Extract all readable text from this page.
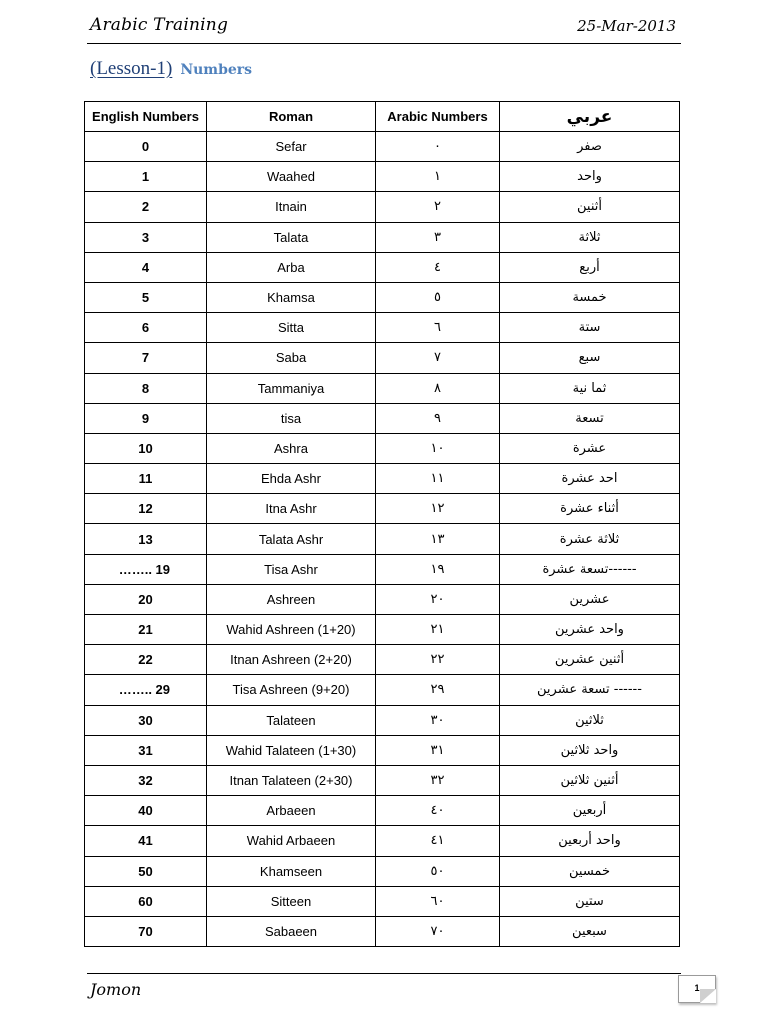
Arabic Training	25-Mar-2013
(Lesson-1) Numbers
English Numbers	Roman	Arabic Numbers	عربي
0	Sefar	٠	صفر
1	Waahed	١	واحد
2	Itnain	٢	أثنين
3	Talata	٣	ثلاثة
4	Arba	٤	أربع
5	Khamsa	٥	خمسة
6	Sitta	٦	ستة
7	Saba	٧	سبع
8	Tammaniya	٨	ثما نية
9	tisa	٩	تسعة
10	Ashra	١٠	عشرة
11	Ehda Ashr	١١	احد عشرة
12	Itna Ashr	١٢	أثناء عشرة
13	Talata Ashr	١٣	ثلاثة عشرة
…….. 19	Tisa Ashr	١٩	------تسعة عشرة
20	Ashreen	٢٠	عشرين
21	Wahid Ashreen (1+20)	٢١	واحد عشرين
22	Itnan Ashreen (2+20)	٢٢	أثنين عشرين
…….. 29	Tisa Ashreen (9+20)	٢٩	------ تسعة عشرين
30	Talateen	٣٠	ثلاثين
31	Wahid Talateen (1+30)	٣١	واحد ثلاثين
32	Itnan Talateen (2+30)	٣٢	أثنين ثلاثين
40	Arbaeen	٤٠	أربعين
41	Wahid Arbaeen	٤١	واحد أربعين
50	Khamseen	٥٠	خمسين
60	Sitteen	٦٠	ستين
70	Sabaeen	٧٠	سبعين
Jomon	1
